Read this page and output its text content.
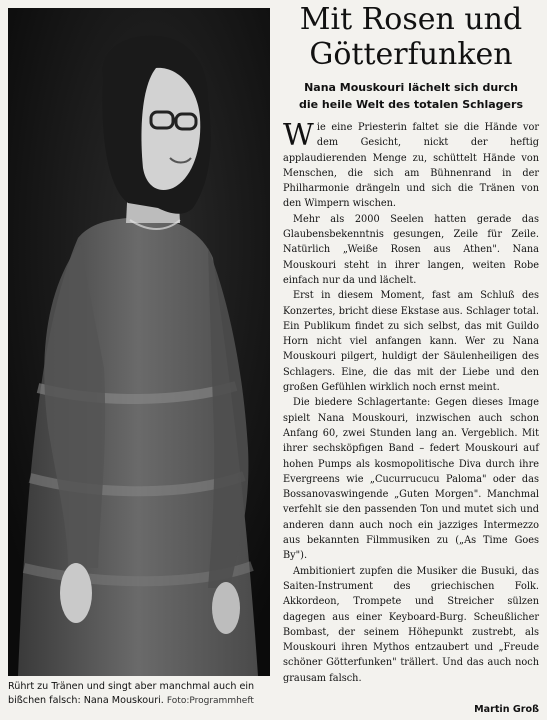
Rührt zu Tränen und singt aber manchmal auch ein bißchen falsch: Nana Mouskouri. Foto:Programmheft
Mit Rosen und
Götterfunken
Nana Mouskouri lächelt sich durch
die heile Welt des totalen Schlagers

Wie eine Priesterin faltet sie die Hände vor dem Gesicht, nickt der heftig applaudierenden Menge zu, schüttelt Hände von Menschen, die sich am Bühnenrand in der Philharmonie drängeln und sich die Tränen von den Wimpern wischen.

Mehr als 2000 Seelen hatten gerade das Glaubensbekenntnis gesungen, Zeile für Zeile. Natürlich „Weiße Rosen aus Athen". Nana Mouskouri steht in ihrer langen, weiten Robe einfach nur da und lächelt.

Erst in diesem Moment, fast am Schluß des Konzertes, bricht diese Ekstase aus. Schlager total. Ein Publikum findet zu sich selbst, das mit Guildo Horn nicht viel anfangen kann. Wer zu Nana Mouskouri pilgert, huldigt der Säulenheiligen des Schlagers. Eine, die das mit der Liebe und den großen Gefühlen wirklich noch ernst meint.

Die biedere Schlagertante: Gegen dieses Image spielt Nana Mouskouri, inzwischen auch schon Anfang 60, zwei Stunden lang an. Vergeblich. Mit ihrer sechsköpfigen Band – federt Mouskouri auf hohen Pumps als kosmopolitische Diva durch ihre Evergreens wie „Cucurrucucu Paloma" oder das Bossanovaswingende „Guten Morgen". Manchmal verfehlt sie den passenden Ton und mutet sich und anderen dann auch noch ein jazziges Intermezzo aus bekannten Filmmusiken zu („As Time Goes By").

Ambitioniert zupfen die Musiker die Busuki, das Saiten-Instrument des griechischen Folk. Akkordeon, Trompete und Streicher sülzen dagegen aus einer Keyboard-Burg. Scheußlicher Bombast, der seinem Höhepunkt zustrebt, als Mouskouri ihren Mythos entzaubert und „Freude schöner Götterfunken" trällert. Und das auch noch grausam falsch.

Martin Groß
